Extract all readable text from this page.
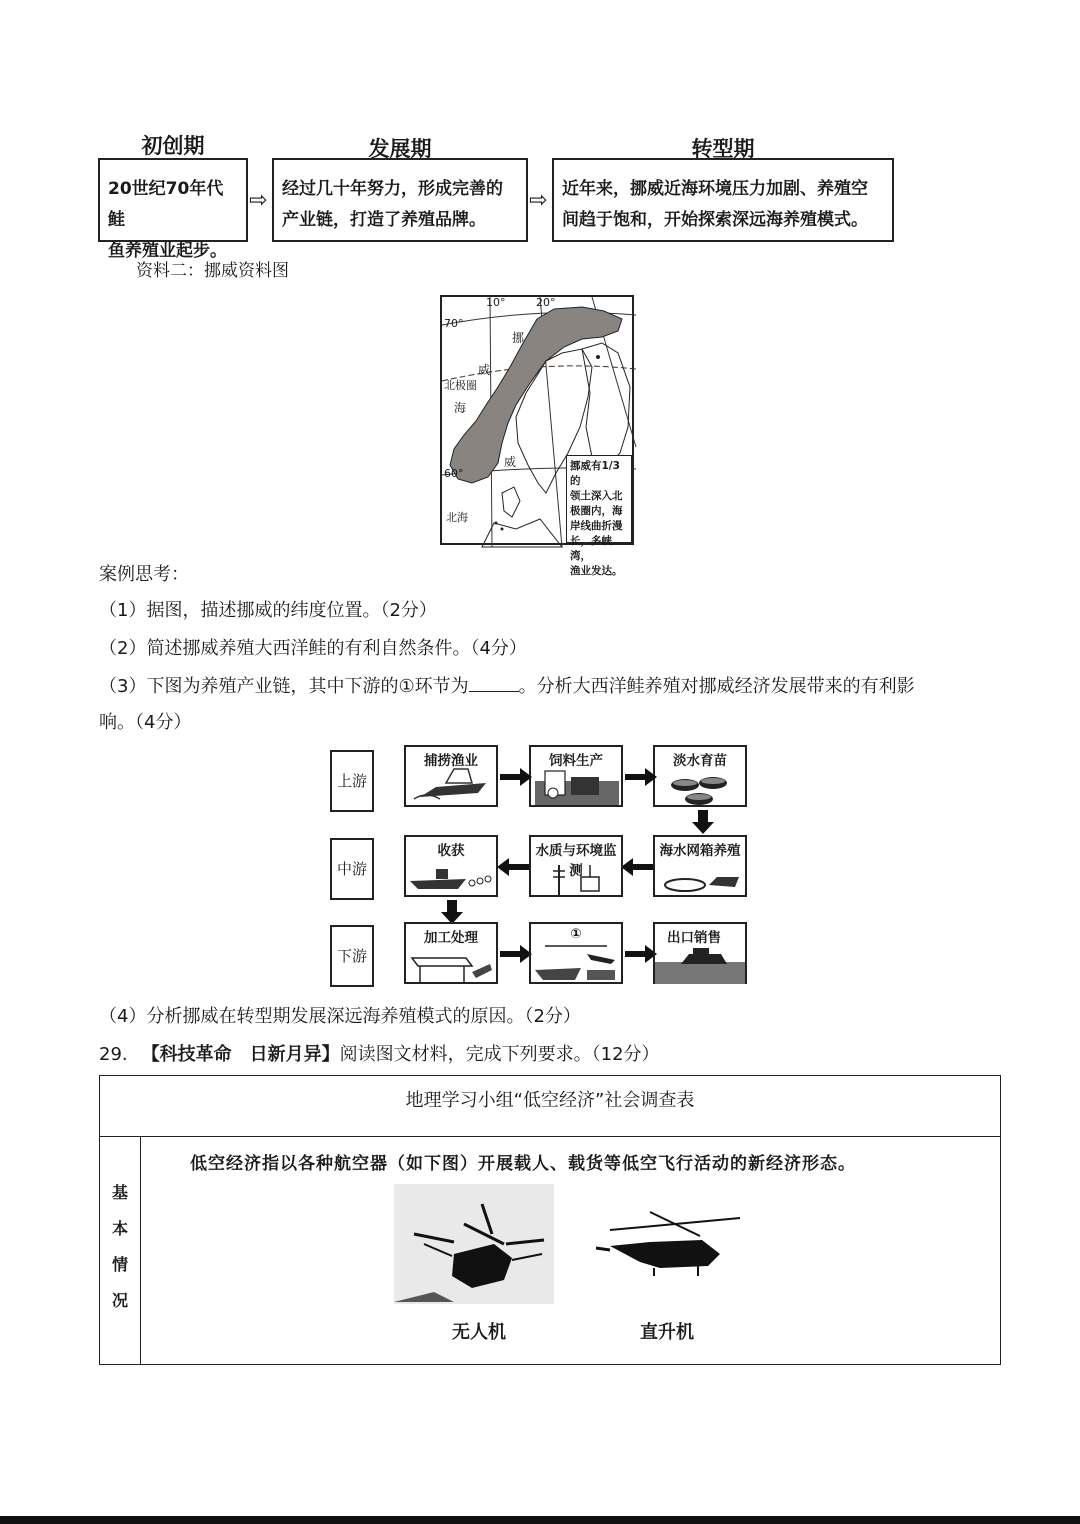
初创期	发展期	转型期
20世纪70年代鲑
鱼养殖业起步。
⇨ 经过几十年努力，形成完善的
产业链，打造了养殖品牌。
⇨ 近年来，挪威近海环境压力加剧、养殖空
间趋于饱和，开始探索深远海养殖模式。
资料二：挪威资料图
10°	20°
70°
60°
挪
威
北极圈
海
威
北海
挪威有1/3的
领土深入北
极圈内，海
岸线曲折漫
长，多峡湾，
渔业发达。
案例思考：
（1）据图，描述挪威的纬度位置。（2分）
（2）简述挪威养殖大西洋鲑的有利自然条件。（4分）
（3）下图为养殖产业链，其中下游的①环节为	。分析大西洋鲑养殖对挪威经济发展带来的有利影
响。（4分）
上游
捕捞渔业	饲料生产	淡水育苗
中游
收获	水质与环境监测
海水网箱养殖
下游
加工处理	①	出口销售
（4）分析挪威在转型期发展深远海养殖模式的原因。（2分）
29. 【科技革命　日新月异】阅读图文材料，完成下列要求。（12分）
地理学习小组“低空经济”社会调查表
基
本
情
况
低空经济指以各种航空器（如下图）开展载人、载货等低空飞行活动的新经济形态。
无人机	直升机
